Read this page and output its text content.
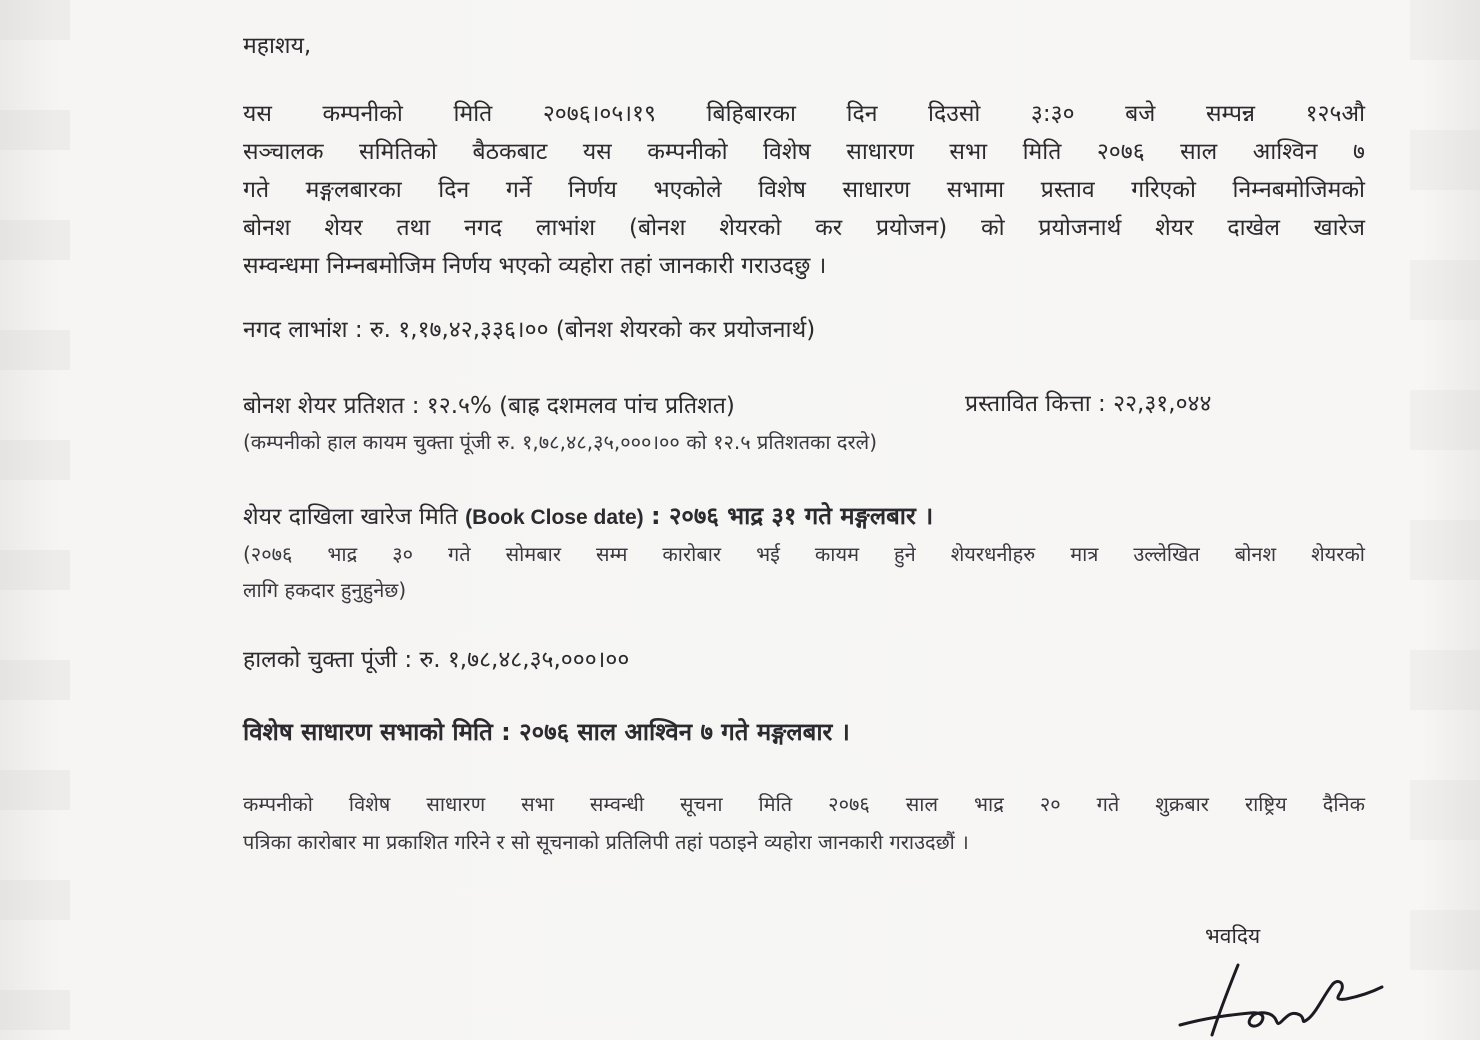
महाशय,
यस कम्पनीको मिति २०७६।०५।१९ बिहिबारका दिन दिउसो ३:३० बजे सम्पन्न १२५औ
सञ्चालक समितिको बैठकबाट यस कम्पनीको विशेष साधारण सभा मिति २०७६ साल आश्विन ७
गते मङ्गलबारका दिन गर्ने निर्णय भएकोले विशेष साधारण सभामा प्रस्ताव गरिएको निम्नबमोजिमको
बोनश शेयर तथा नगद लाभांश (बोनश शेयरको कर प्रयोजन) को प्रयोजनार्थ शेयर दाखेल खारेज
सम्वन्धमा निम्नबमोजिम निर्णय भएको व्यहोरा तहां जानकारी गराउदछु ।
नगद लाभांश : रु. १,१७,४२,३३६।०० (बोनश शेयरको कर प्रयोजनार्थ)
बोनश शेयर प्रतिशत : १२.५% (बाह्र दशमलव पांच प्रतिशत)	प्रस्तावित कित्ता : २२,३१,०४४
(कम्पनीको हाल कायम चुक्ता पूंजी रु. १,७८,४८,३५,०००।०० को १२.५ प्रतिशतका दरले)
शेयर दाखिला खारेज मिति (Book Close date) : २०७६ भाद्र ३१ गते मङ्गलबार ।
(२०७६ भाद्र ३० गते सोमबार सम्म कारोबार भई कायम हुने शेयरधनीहरु मात्र उल्लेखित बोनश शेयरको
लागि हकदार हुनुहुनेछ)
हालको चुक्ता पूंजी : रु. १,७८,४८,३५,०००।००
विशेष साधारण सभाको मिति : २०७६ साल आश्विन ७ गते मङ्गलबार ।
कम्पनीको विशेष साधारण सभा सम्वन्धी सूचना मिति २०७६ साल भाद्र २० गते शुक्रबार राष्ट्रिय दैनिक
पत्रिका कारोबार मा प्रकाशित गरिने र सो सूचनाको प्रतिलिपी तहां पठाइने व्यहोरा जानकारी गराउदछौं ।
भवदिय
